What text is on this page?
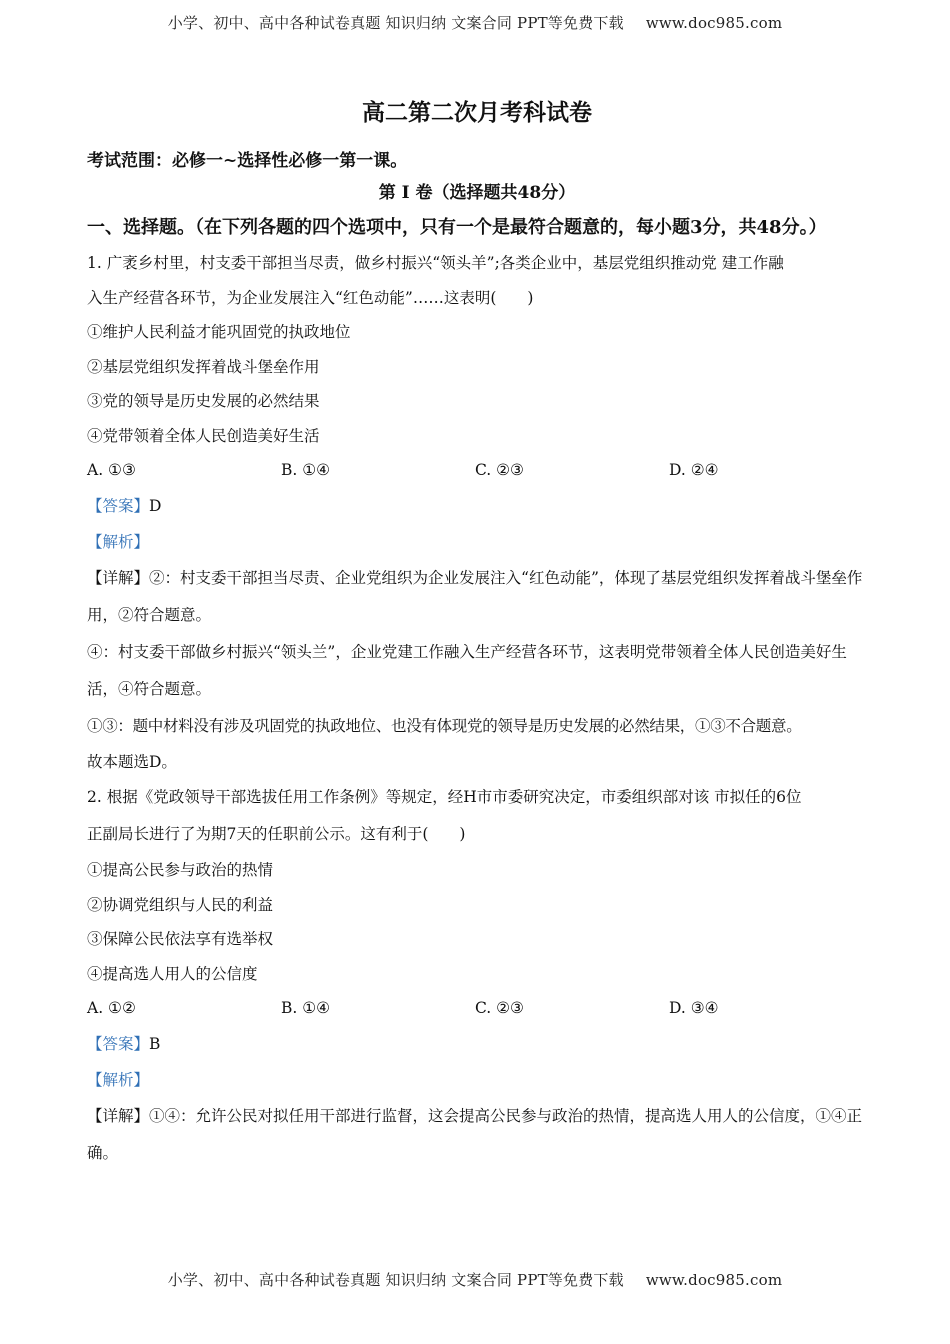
小学、初中、高中各种试卷真题 知识归纳 文案合同 PPT等免费下载 www.doc985.com
高二第二次月考科试卷
考试范围：必修一~选择性必修一第一课。
第 I 卷（选择题共48分）
一、选择题。（在下列各题的四个选项中，只有一个是最符合题意的，每小题3分，共48分。）
1. 广袤乡村里，村支委干部担当尽责，做乡村振兴“领头羊”;各类企业中，基层党组织推动党 建工作融
入生产经营各环节，为企业发展注入“红色动能”……这表明(　　)
①维护人民利益才能巩固党的执政地位
②基层党组织发挥着战斗堡垒作用
③党的领导是历史发展的必然结果
④党带领着全体人民创造美好生活
A. ①③	B. ①④	C. ②③	D. ②④
【答案】D
【解析】
【详解】②：村支委干部担当尽责、企业党组织为企业发展注入“红色动能”，体现了基层党组织发挥着战斗堡垒作用，②符合题意。
④：村支委干部做乡村振兴“领头兰”，企业党建工作融入生产经营各环节，这表明党带领着全体人民创造美好生活，④符合题意。
①③：题中材料没有涉及巩固党的执政地位、也没有体现党的领导是历史发展的必然结果，①③不合题意。
故本题选D。
2. 根据《党政领导干部选拔任用工作条例》等规定，经H市市委研究决定，市委组织部对该 市拟任的6位
正副局长进行了为期7天的任职前公示。这有利于(　　)
①提高公民参与政治的热情
②协调党组织与人民的利益
③保障公民依法享有选举权
④提高选人用人的公信度
A. ①②	B. ①④	C. ②③	D. ③④
【答案】B
【解析】
【详解】①④：允许公民对拟任用干部进行监督，这会提高公民参与政治的热情，提高选人用人的公信度，①④正确。
小学、初中、高中各种试卷真题 知识归纳 文案合同 PPT等免费下载 www.doc985.com
